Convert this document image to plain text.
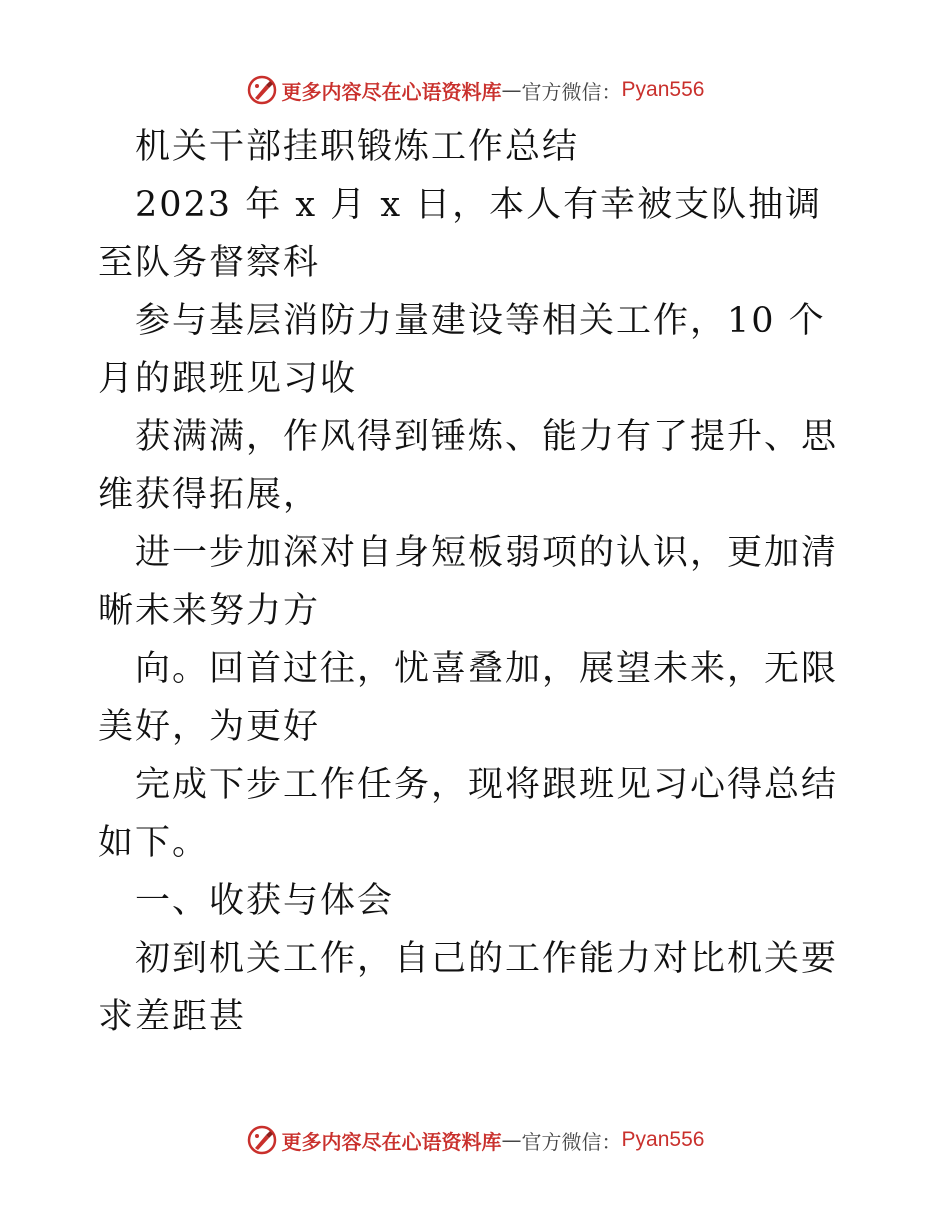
更多内容尽在心语资料库 — 官方微信： Pyan556

机关干部挂职锻炼工作总结

2023 年 x 月 x 日，本人有幸被支队抽调至队务督察科

参与基层消防力量建设等相关工作，10 个月的跟班见习收

获满满，作风得到锤炼、能力有了提升、思维获得拓展，

进一步加深对自身短板弱项的认识，更加清晰未来努力方

向。回首过往，忧喜叠加，展望未来，无限美好，为更好

完成下步工作任务，现将跟班见习心得总结如下。

一、收获与体会

初到机关工作，自己的工作能力对比机关要求差距甚

更多内容尽在心语资料库 — 官方微信： Pyan556
